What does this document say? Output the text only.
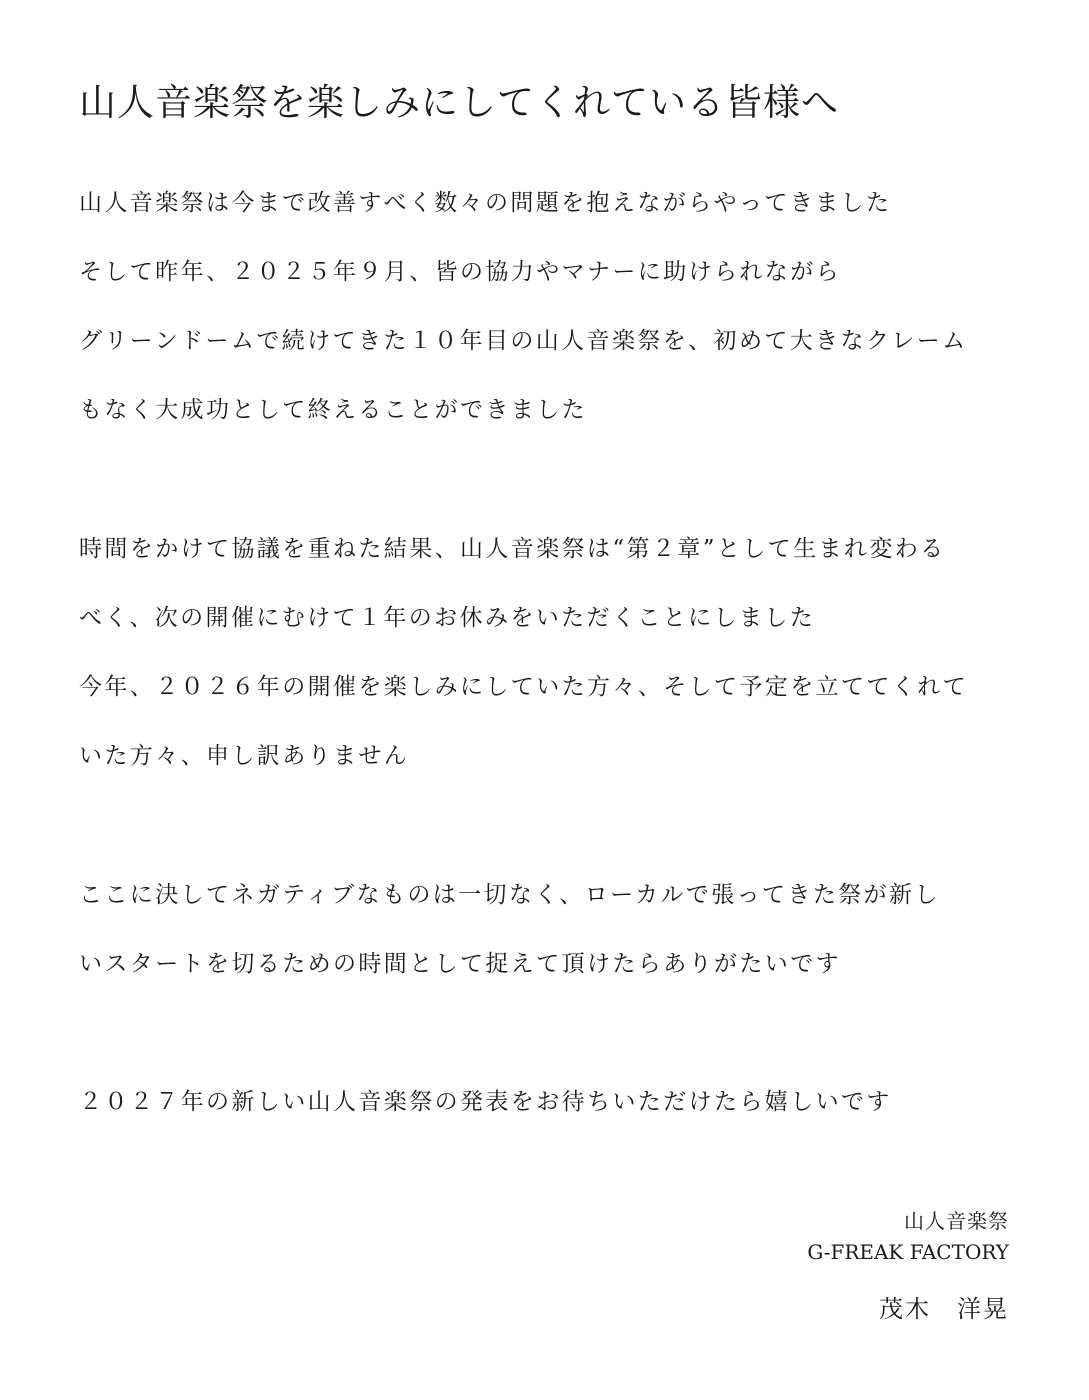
山人音楽祭を楽しみにしてくれている皆様へ

山人音楽祭は今まで改善すべく数々の問題を抱えながらやってきました

そして昨年、２０２５年９月、皆の協力やマナーに助けられながら

グリーンドームで続けてきた１０年目の山人音楽祭を、初めて大きなクレーム

もなく大成功として終えることができました

時間をかけて協議を重ねた結果、山人音楽祭は“第２章”として生まれ変わる

べく、次の開催にむけて１年のお休みをいただくことにしました

今年、２０２６年の開催を楽しみにしていた方々、そして予定を立ててくれて

いた方々、申し訳ありません

ここに決してネガティブなものは一切なく、ローカルで張ってきた祭が新し

いスタートを切るための時間として捉えて頂けたらありがたいです

２０２７年の新しい山人音楽祭の発表をお待ちいただけたら嬉しいです

山人音楽祭

G-FREAK FACTORY

茂木　洋晃
